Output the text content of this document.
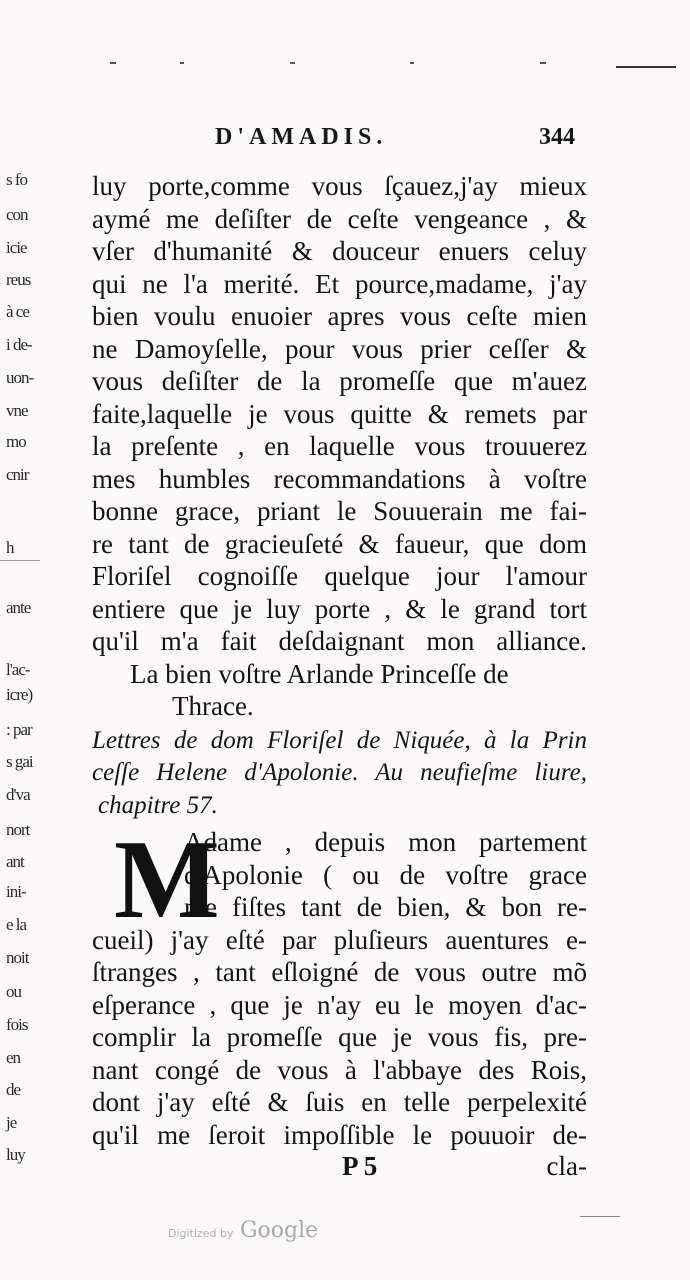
s fo
con
icie
reus
à ce
i de-
uon-
vne
mo
cnir
h
ante
l'ac-
icre)
: par
s gai
d'va
nort
ant
ini-
e la
noit
ou
fois
en
de
je
luy
D'AMADIS.	344
luy porte,comme vous ſçauez,j'ay mieux
aymé me deſiſter de ceſte vengeance , &
vſer d'humanité & douceur enuers celuy
qui ne l'a merité. Et pource,madame, j'ay
bien voulu enuoier apres vous ceſte mien
ne Damoyſelle, pour vous prier ceſſer &
vous deſiſter de la promeſſe que m'auez
faite,laquelle je vous quitte & remets par
la preſente , en laquelle vous trouuerez
mes humbles recommandations à voſtre
bonne grace, priant le Souuerain me fai-
re tant de gracieuſeté & faueur, que dom
Floriſel cognoiſſe quelque jour l'amour
entiere que je luy porte , & le grand tort
qu'il m'a fait deſdaignant mon alliance.
La bien voſtre Arlande Princeſſe de
Thrace.
Lettres de dom Floriſel de Niquée, à la Prin
ceſſe Helene d'Apolonie. Au neufieſme liure,
chapitre 57.
M
Adame , depuis mon partement
d'Apolonie ( ou de voſtre grace
me fiſtes tant de bien, & bon re-
cueil) j'ay eſté par pluſieurs auentures e-
ſtranges , tant eſloigné de vous outre mõ
eſperance , que je n'ay eu le moyen d'ac-
complir la promeſſe que je vous fis, pre-
nant congé de vous à l'abbaye des Rois,
dont j'ay eſté & ſuis en telle perpelexité
qu'il me ſeroit impoſſible le pouuoir de-
P 5	cla-
Digitized by Google
